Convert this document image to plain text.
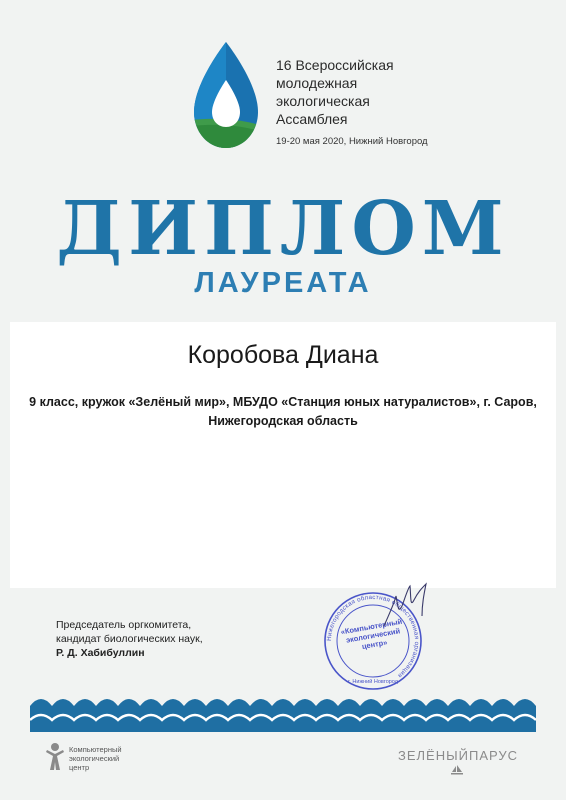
16 Всероссийская
молодежная
экологическая
Ассамблея
19-20 мая 2020, Нижний Новгород
ДИПЛОМ
ЛАУРЕАТА
Коробова Диана
9 класс, кружок «Зелёный мир», МБУДО «Станция юных натуралистов», г. Саров,
Нижегородская область
Председатель оргкомитета,
кандидат биологических наук,
Р. Д. Хабибуллин
Нижегородская областная общественная организация
г. Нижний Новгород
«Компьютерный экологический центр»
Компьютерный
экологический
центр
ЗЕЛЁНЫЙПАРУС
